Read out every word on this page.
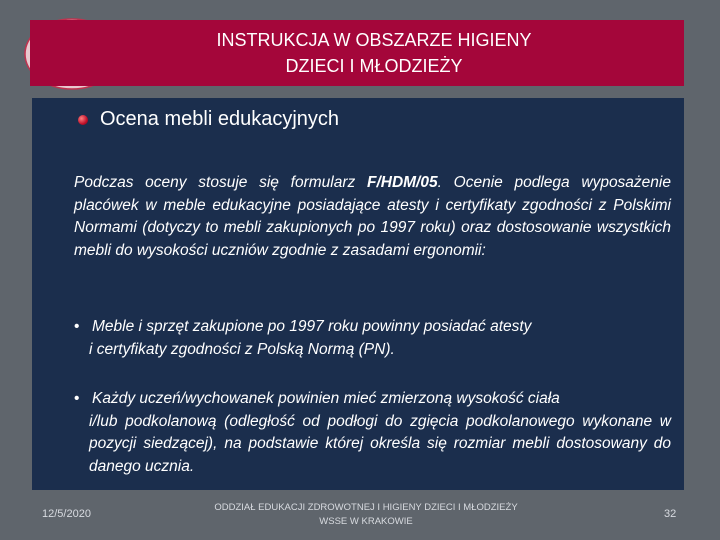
INSTRUKCJA W OBSZARZE HIGIENY
DZIECI I MŁODZIEŻY
Ocena mebli edukacyjnych

Podczas oceny stosuje się formularz F/HDM/05. Ocenie podlega wyposażenie placówek w meble edukacyjne posiadające atesty i certyfikaty zgodności z Polskimi Normami (dotyczy to mebli zakupionych po 1997 roku) oraz dostosowanie wszystkich mebli do wysokości uczniów zgodnie z zasadami ergonomii:

• Meble i sprzęt zakupione po 1997 roku powinny posiadać atesty
i certyfikaty zgodności z Polską Normą (PN).

• Każdy uczeń/wychowanek powinien mieć zmierzoną wysokość ciała
i/lub podkolanową (odległość od podłogi do zgięcia podkolanowego wykonane w pozycji siedzącej), na podstawie której określa się rozmiar mebli dostosowany do danego ucznia.

12/5/2020
ODDZIAŁ EDUKACJI ZDROWOTNEJ I HIGIENY DZIECI I MŁODZIEŻY
WSSE W KRAKOWIE
32
